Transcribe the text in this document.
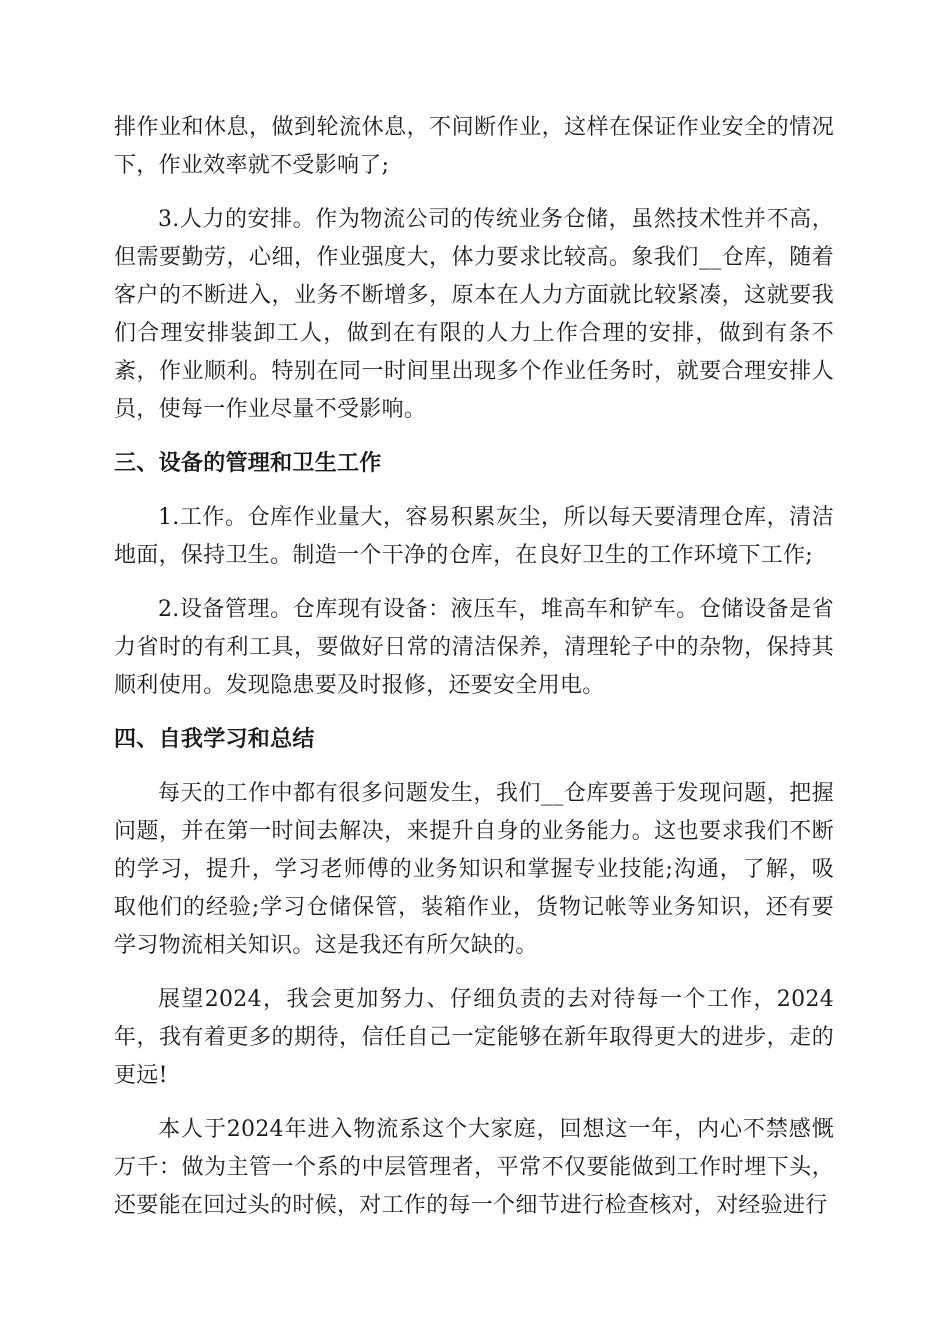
排作业和休息，做到轮流休息，不间断作业，这样在保证作业安全的情况下，作业效率就不受影响了;

3.人力的安排。作为物流公司的传统业务仓储，虽然技术性并不高，但需要勤劳，心细，作业强度大，体力要求比较高。象我们__仓库，随着客户的不断进入，业务不断增多，原本在人力方面就比较紧凑，这就要我们合理安排装卸工人，做到在有限的人力上作合理的安排，做到有条不紊，作业顺利。特别在同一时间里出现多个作业任务时，就要合理安排人员，使每一作业尽量不受影响。

三、设备的管理和卫生工作

1.工作。仓库作业量大，容易积累灰尘，所以每天要清理仓库，清洁地面，保持卫生。制造一个干净的仓库，在良好卫生的工作环境下工作;

2.设备管理。仓库现有设备：液压车，堆高车和铲车。仓储设备是省力省时的有利工具，要做好日常的清洁保养，清理轮子中的杂物，保持其顺利使用。发现隐患要及时报修，还要安全用电。

四、自我学习和总结

每天的工作中都有很多问题发生，我们__仓库要善于发现问题，把握问题，并在第一时间去解决，来提升自身的业务能力。这也要求我们不断的学习，提升，学习老师傅的业务知识和掌握专业技能;沟通，了解，吸取他们的经验;学习仓储保管，装箱作业，货物记帐等业务知识，还有要学习物流相关知识。这是我还有所欠缺的。

展望2024，我会更加努力、仔细负责的去对待每一个工作，2024年，我有着更多的期待，信任自己一定能够在新年取得更大的进步，走的更远!

本人于2024年进入物流系这个大家庭，回想这一年，内心不禁感慨万千：做为主管一个系的中层管理者，平常不仅要能做到工作时埋下头，还要能在回过头的时候，对工作的每一个细节进行检查核对，对经验进行
